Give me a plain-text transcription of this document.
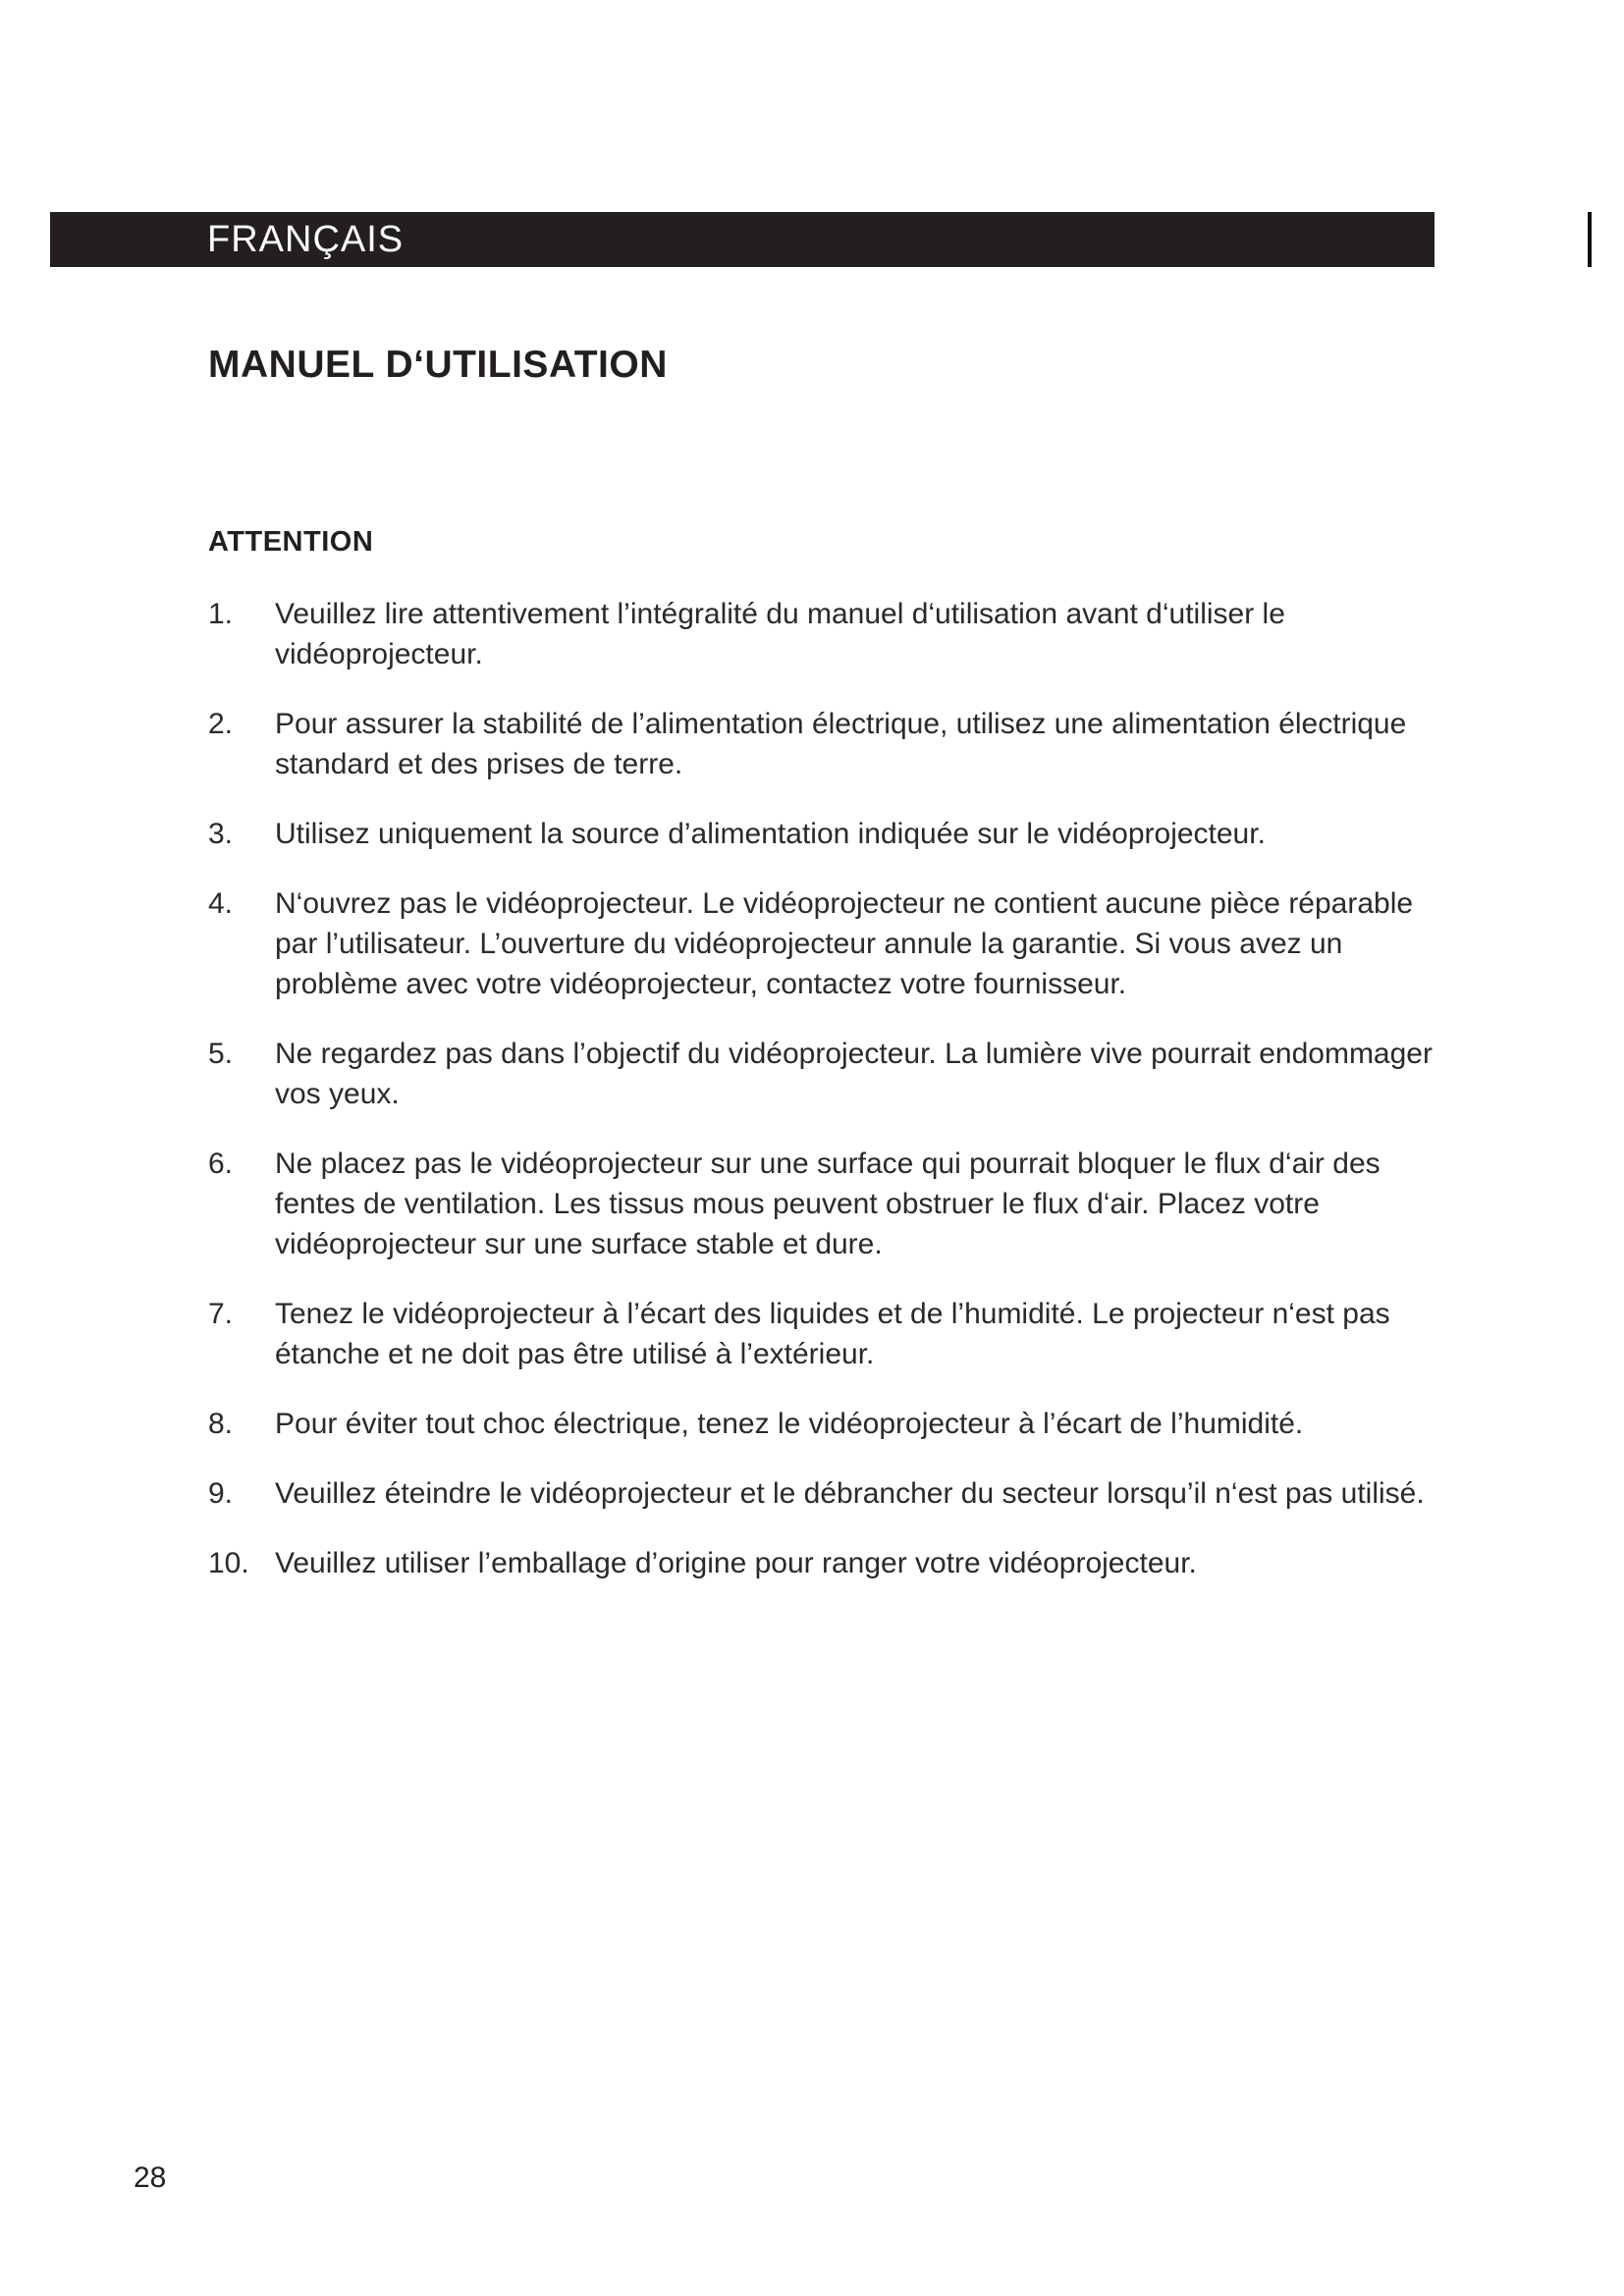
FRANÇAIS
MANUEL D‘UTILISATION
ATTENTION
1.	Veuillez lire attentivement l’intégralité du manuel d‘utilisation avant d‘utiliser le vidéoprojecteur.
2.	Pour assurer la stabilité de l’alimentation électrique, utilisez une alimentation électrique standard et des prises de terre.
3.	Utilisez uniquement la source d’alimentation indiquée sur le vidéoprojecteur.
4.	N‘ouvrez pas le vidéoprojecteur. Le vidéoprojecteur ne contient aucune pièce réparable par l’utilisateur. L’ouverture du vidéoprojecteur annule la garantie. Si vous avez un problème avec votre vidéoprojecteur, contactez votre fournisseur.
5.	Ne regardez pas dans l’objectif du vidéoprojecteur. La lumière vive pourrait endommager vos yeux.
6.	Ne placez pas le vidéoprojecteur sur une surface qui pourrait bloquer le flux d‘air des fentes de ventilation. Les tissus mous peuvent obstruer le flux d‘air. Placez votre vidéoprojecteur sur une surface stable et dure.
7.	Tenez le vidéoprojecteur à l’écart des liquides et de l’humidité. Le projecteur n‘est pas étanche et ne doit pas être utilisé à l’extérieur.
8.	Pour éviter tout choc électrique, tenez le vidéoprojecteur à l’écart de l’humidité.
9.	Veuillez éteindre le vidéoprojecteur et le débrancher du secteur lorsqu’il n‘est pas utilisé.
10. Veuillez utiliser l’emballage d’origine pour ranger votre vidéoprojecteur.
28
